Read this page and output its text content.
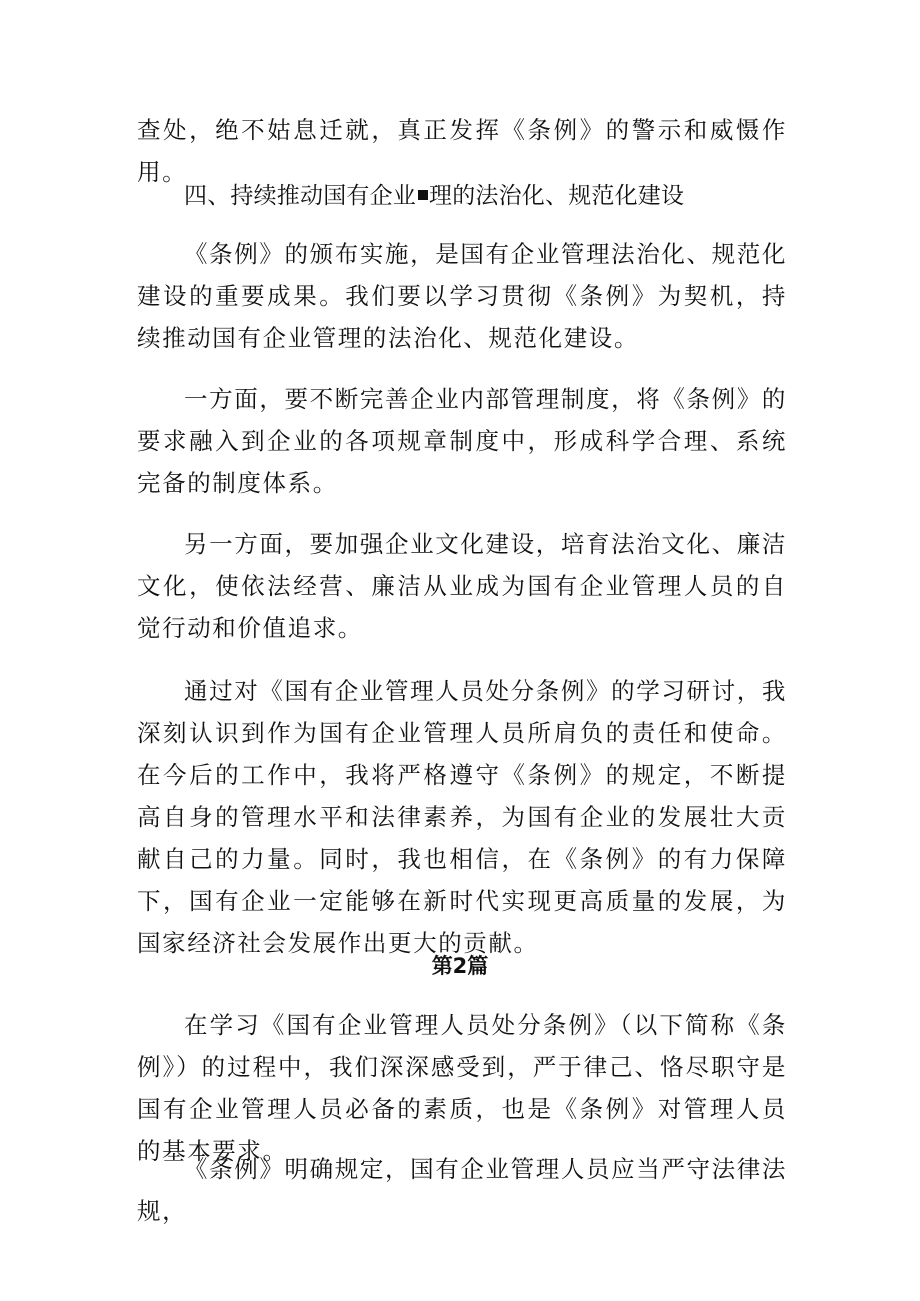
查处，绝不姑息迁就，真正发挥《条例》的警示和威慑作用。

四、持续推动国有企业 理的法治化、规范化建设

《条例》的颁布实施，是国有企业管理法治化、规范化建设的重要成果。我们要以学习贯彻《条例》为契机，持续推动国有企业管理的法治化、规范化建设。

一方面，要不断完善企业内部管理制度，将《条例》的要求融入到企业的各项规章制度中，形成科学合理、系统完备的制度体系。

另一方面，要加强企业文化建设，培育法治文化、廉洁文化，使依法经营、廉洁从业成为国有企业管理人员的自觉行动和价值追求。

通过对《国有企业管理人员处分条例》的学习研讨，我深刻认识到作为国有企业管理人员所肩负的责任和使命。在今后的工作中，我将严格遵守《条例》的规定，不断提高自身的管理水平和法律素养，为国有企业的发展壮大贡献自己的力量。同时，我也相信，在《条例》的有力保障下，国有企业一定能够在新时代实现更高质量的发展，为国家经济社会发展作出更大的贡献。

第2篇

在学习《国有企业管理人员处分条例》（以下简称《条例》）的过程中，我们深深感受到，严于律己、恪尽职守是国有企业管理人员必备的素质，也是《条例》对管理人员的基本要求。

《条例》明确规定，国有企业管理人员应当严守法律法规，
